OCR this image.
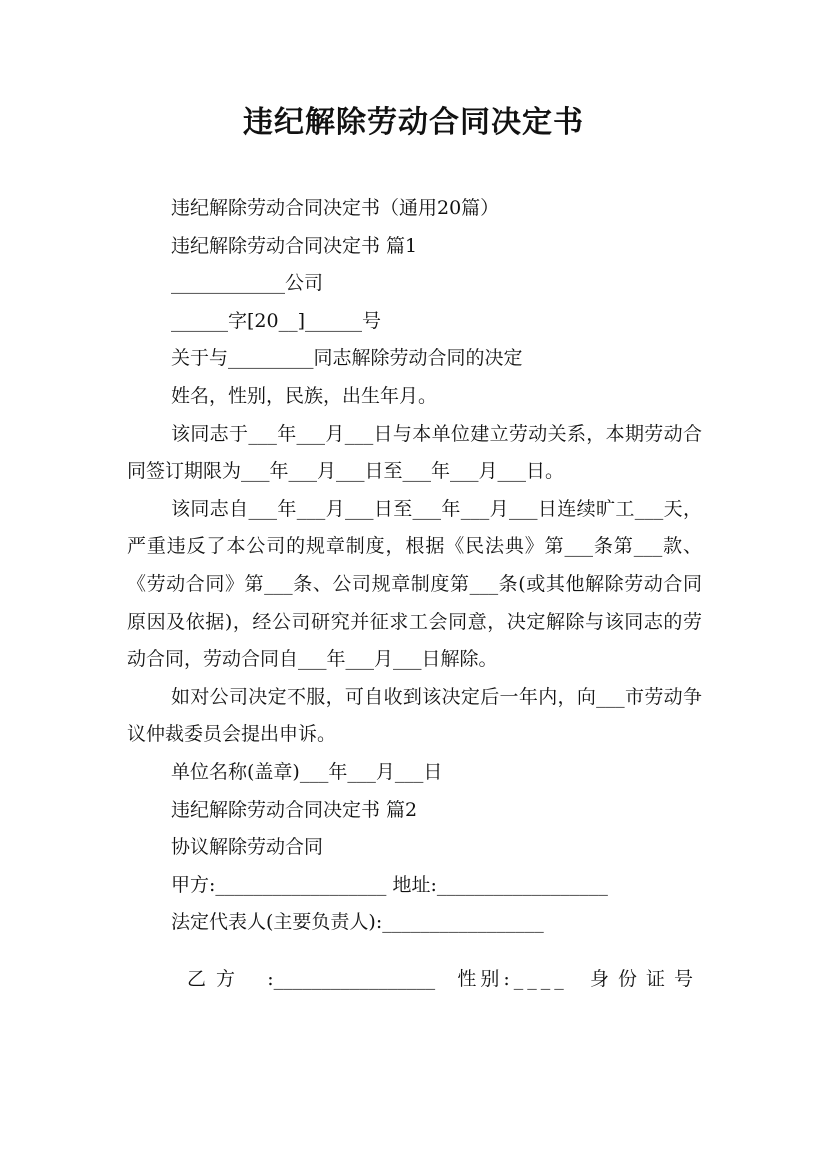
违纪解除劳动合同决定书

违纪解除劳动合同决定书（通用20篇）

违纪解除劳动合同决定书 篇1

____________公司

______字[20__]______号

关于与_________同志解除劳动合同的决定

姓名，性别，民族，出生年月。

该同志于___年___月___日与本单位建立劳动关系，本期劳动合同签订期限为___年___月___日至___年___月___日。

该同志自___年___月___日至___年___月___日连续旷工___天，严重违反了本公司的规章制度，根据《民法典》第___条第___款、《劳动合同》第___条、公司规章制度第___条(或其他解除劳动合同原因及依据)，经公司研究并征求工会同意，决定解除与该同志的劳动合同，劳动合同自___年___月___日解除。

如对公司决定不服，可自收到该决定后一年内，向___市劳动争议仲裁委员会提出申诉。

单位名称(盖章)___年___月___日

违纪解除劳动合同决定书 篇2

协议解除劳动合同

甲方:__________________ 地址:__________________

法定代表人(主要负责人):_________________

乙方 :_________________ 性别:____ 身份证号
